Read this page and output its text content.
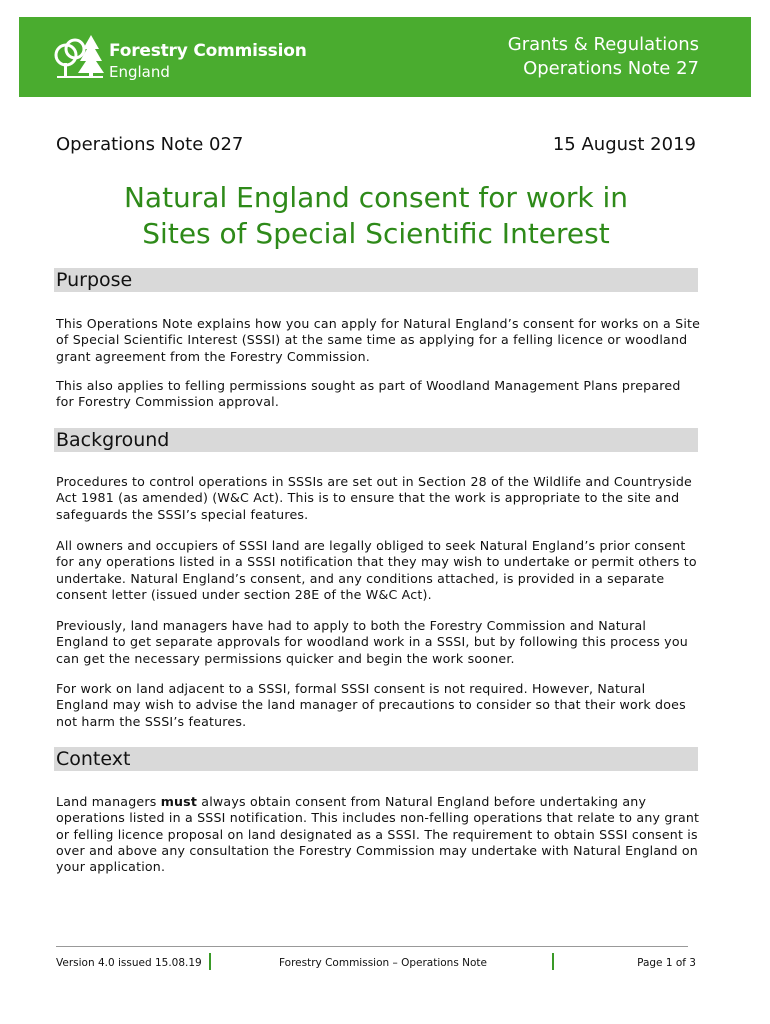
Forestry Commission
England
Grants & Regulations
Operations Note 27
Operations Note 027	15 August 2019
Natural England consent for work in
Sites of Special Scientific Interest
Purpose
This Operations Note explains how you can apply for Natural England’s consent for works on a Site of Special Scientific Interest (SSSI) at the same time as applying for a felling licence or woodland grant agreement from the Forestry Commission.
This also applies to felling permissions sought as part of Woodland Management Plans prepared for Forestry Commission approval.
Background
Procedures to control operations in SSSIs are set out in Section 28 of the Wildlife and Countryside Act 1981 (as amended) (W&C Act). This is to ensure that the work is appropriate to the site and safeguards the SSSI’s special features.
All owners and occupiers of SSSI land are legally obliged to seek Natural England’s prior consent for any operations listed in a SSSI notification that they may wish to undertake or permit others to undertake. Natural England’s consent, and any conditions attached, is provided in a separate consent letter (issued under section 28E of the W&C Act).
Previously, land managers have had to apply to both the Forestry Commission and Natural England to get separate approvals for woodland work in a SSSI, but by following this process you can get the necessary permissions quicker and begin the work sooner.
For work on land adjacent to a SSSI, formal SSSI consent is not required. However, Natural England may wish to advise the land manager of precautions to consider so that their work does not harm the SSSI’s features.
Context
Land managers must always obtain consent from Natural England before undertaking any operations listed in a SSSI notification. This includes non-felling operations that relate to any grant or felling licence proposal on land designated as a SSSI. The requirement to obtain SSSI consent is over and above any consultation the Forestry Commission may undertake with Natural England on your application.
Version 4.0 issued 15.08.19	Forestry Commission – Operations Note	Page 1 of 3
